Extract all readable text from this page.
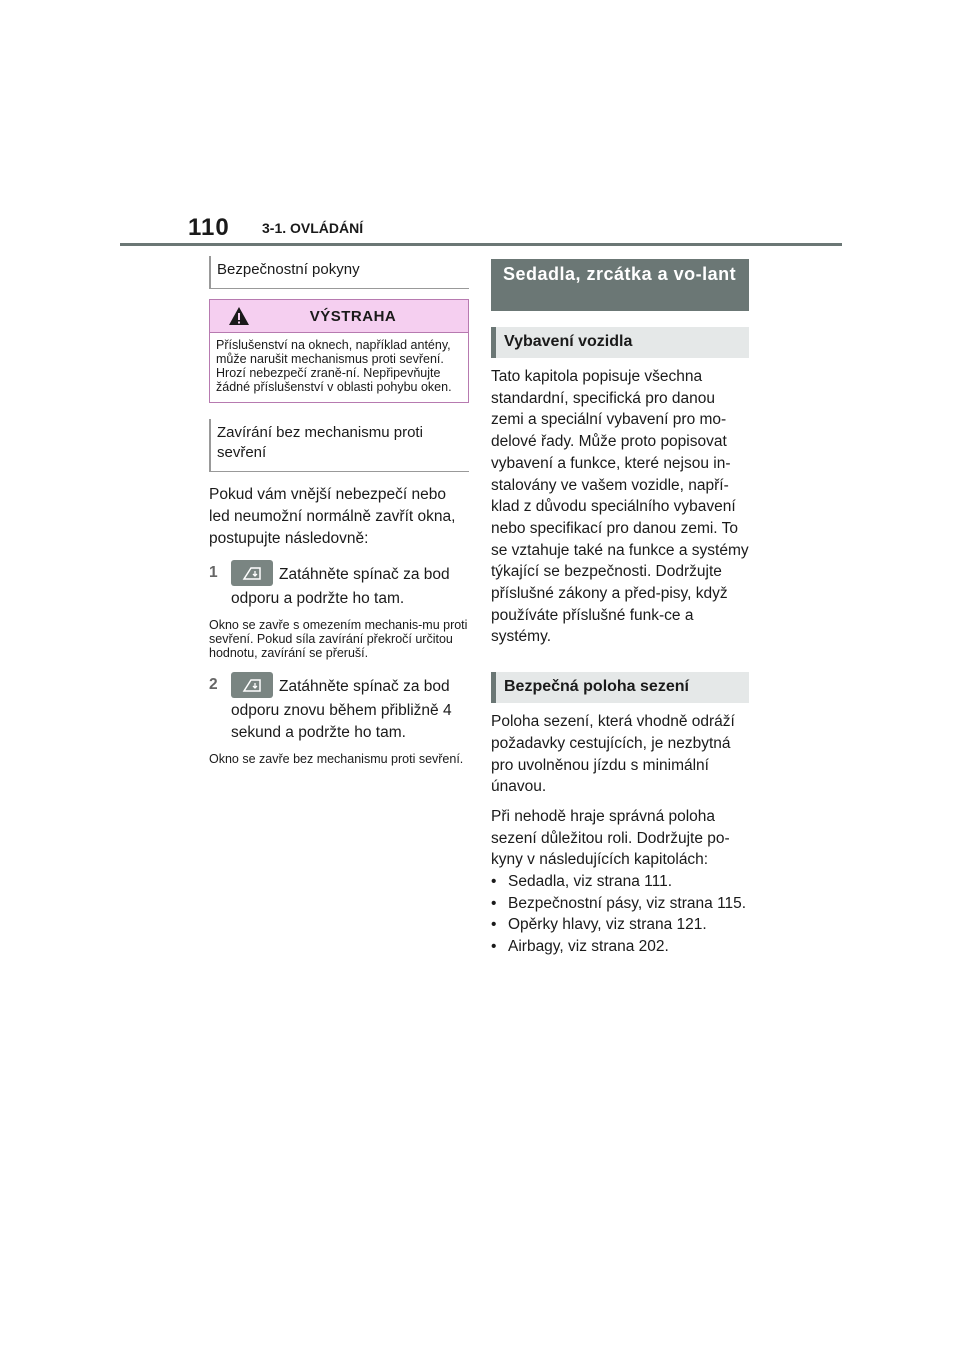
110 3-1. OVLÁDÁNÍ
Bezpečnostní pokyny
VÝSTRAHA
Příslušenství na oknech, například antény, může narušit mechanismus proti sevření. Hrozí nebezpečí zraně-ní. Nepřipevňujte žádné příslušenství v oblasti pohybu oken.
Zavírání bez mechanismu proti sevření
Pokud vám vnější nebezpečí nebo led neumožní normálně zavřít okna, postupujte následovně:
1	Zatáhněte spínač za bod odporu a podržte ho tam.
Okno se zavře s omezením mechanis-mu proti sevření. Pokud síla zavírání překročí určitou hodnotu, zavírání se přeruší.
2	Zatáhněte spínač za bod odporu znovu během přibližně 4 sekund a podržte ho tam.
Okno se zavře bez mechanismu proti sevření.
Sedadla, zrcátka a vo-lant
Vybavení vozidla
Tato kapitola popisuje všechna standardní, specifická pro danou zemi a speciální vybavení pro mo-delové řady. Může proto popisovat vybavení a funkce, které nejsou in-stalovány ve vašem vozidle, napří-klad z důvodu speciálního vybavení nebo specifikací pro danou zemi. To se vztahuje také na funkce a systémy týkající se bezpečnosti. Dodržujte příslušné zákony a před-pisy, když používáte příslušné funk-ce a systémy.
Bezpečná poloha sezení
Poloha sezení, která vhodně odráží požadavky cestujících, je nezbytná pro uvolněnou jízdu s minimální únavou.
Při nehodě hraje správná poloha sezení důležitou roli. Dodržujte po-kyny v následujících kapitolách:
• Sedadla, viz strana 111.
• Bezpečnostní pásy, viz strana 115.
• Opěrky hlavy, viz strana 121.
• Airbagy, viz strana 202.
